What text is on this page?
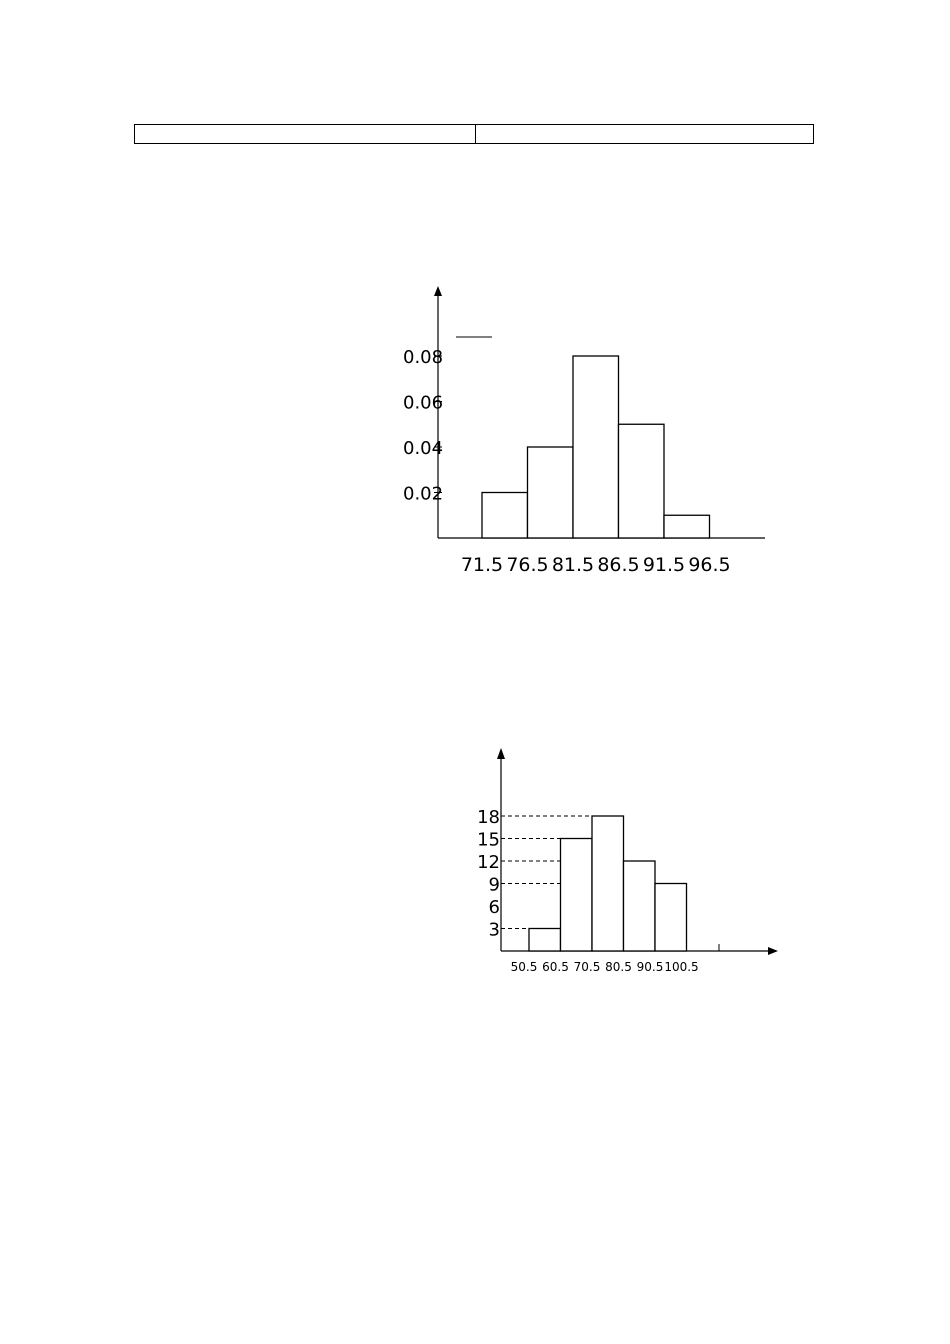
0.02
0.04
0.06
0.08
71.5 76.5 81.5 86.5 91.5 96.5

3
6
9
12
15
18
50.5 60.5 70.5 80.5 90.5 100.5
